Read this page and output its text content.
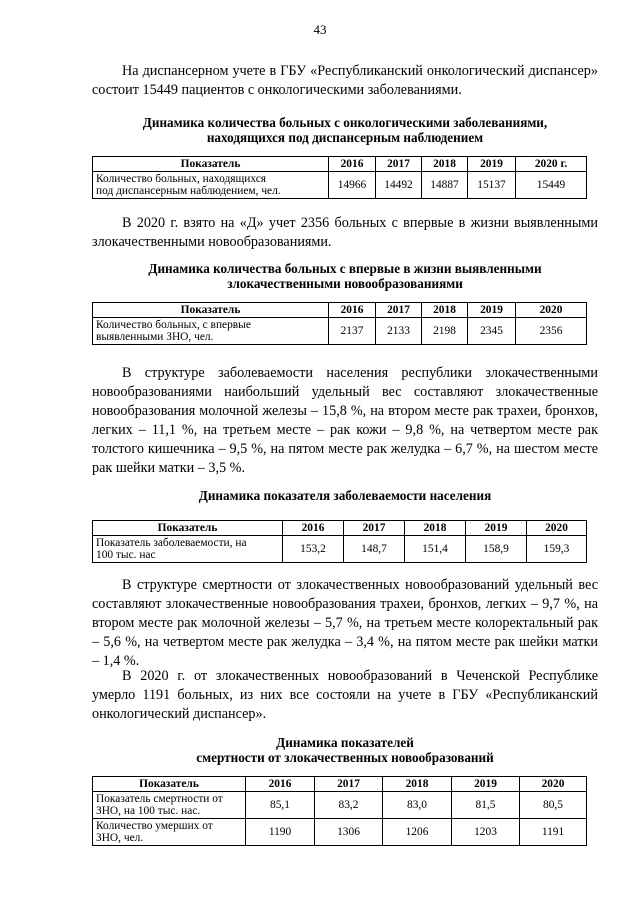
43

На диспансерном учете в ГБУ «Республиканский онкологический диспансер» состоит 15449 пациентов с онкологическими заболеваниями.

Динамика количества больных с онкологическими заболеваниями,
находящихся под диспансерным наблюдением
Показатель	2016	2017	2018	2019	2020 г.

Количество больных, находящихся
под диспансерным наблюдением, чел.	14966	14492	14887	15137	15449

В 2020 г. взято на «Д» учет 2356 больных с впервые в жизни выявленными злокачественными новообразованиями.

Динамика количества больных с впервые в жизни выявленными
злокачественными новообразованиями
Показатель	2016	2017	2018	2019	2020

Количество больных, с впервые
выявленными ЗНО, чел.	2137	2133	2198	2345	2356

В структуре заболеваемости населения республики злокачественными новообразованиями наибольший удельный вес составляют злокачественные новообразования молочной железы – 15,8 %, на втором месте рак трахеи, бронхов, легких – 11,1 %, на третьем месте – рак кожи – 9,8 %, на четвертом месте рак толстого кишечника – 9,5 %, на пятом месте рак желудка – 6,7 %, на шестом месте рак шейки матки – 3,5 %.

Динамика показателя заболеваемости населения
Показатель	2016	2017	2018	2019	2020

Показатель заболеваемости, на
100 тыс. нас	153,2	148,7	151,4	158,9	159,3

В структуре смертности от злокачественных новообразований удельный вес составляют злокачественные новообразования трахеи, бронхов, легких – 9,7 %, на втором месте рак молочной железы – 5,7 %, на третьем месте колоректальный рак – 5,6 %, на четвертом месте рак желудка – 3,4 %, на пятом месте рак шейки матки – 1,4 %.

В 2020 г. от злокачественных новообразований в Чеченской Республике умерло 1191 больных, из них все состояли на учете в ГБУ «Республиканский онкологический диспансер».

Динамика показателей
смертности от злокачественных новообразований
Показатель	2016	2017	2018	2019	2020

Показатель смертности от
ЗНО, на 100 тыс. нас.	85,1	83,2	83,0	81,5	80,5

Количество умерших от
ЗНО, чел.	1190	1306	1206	1203	1191
